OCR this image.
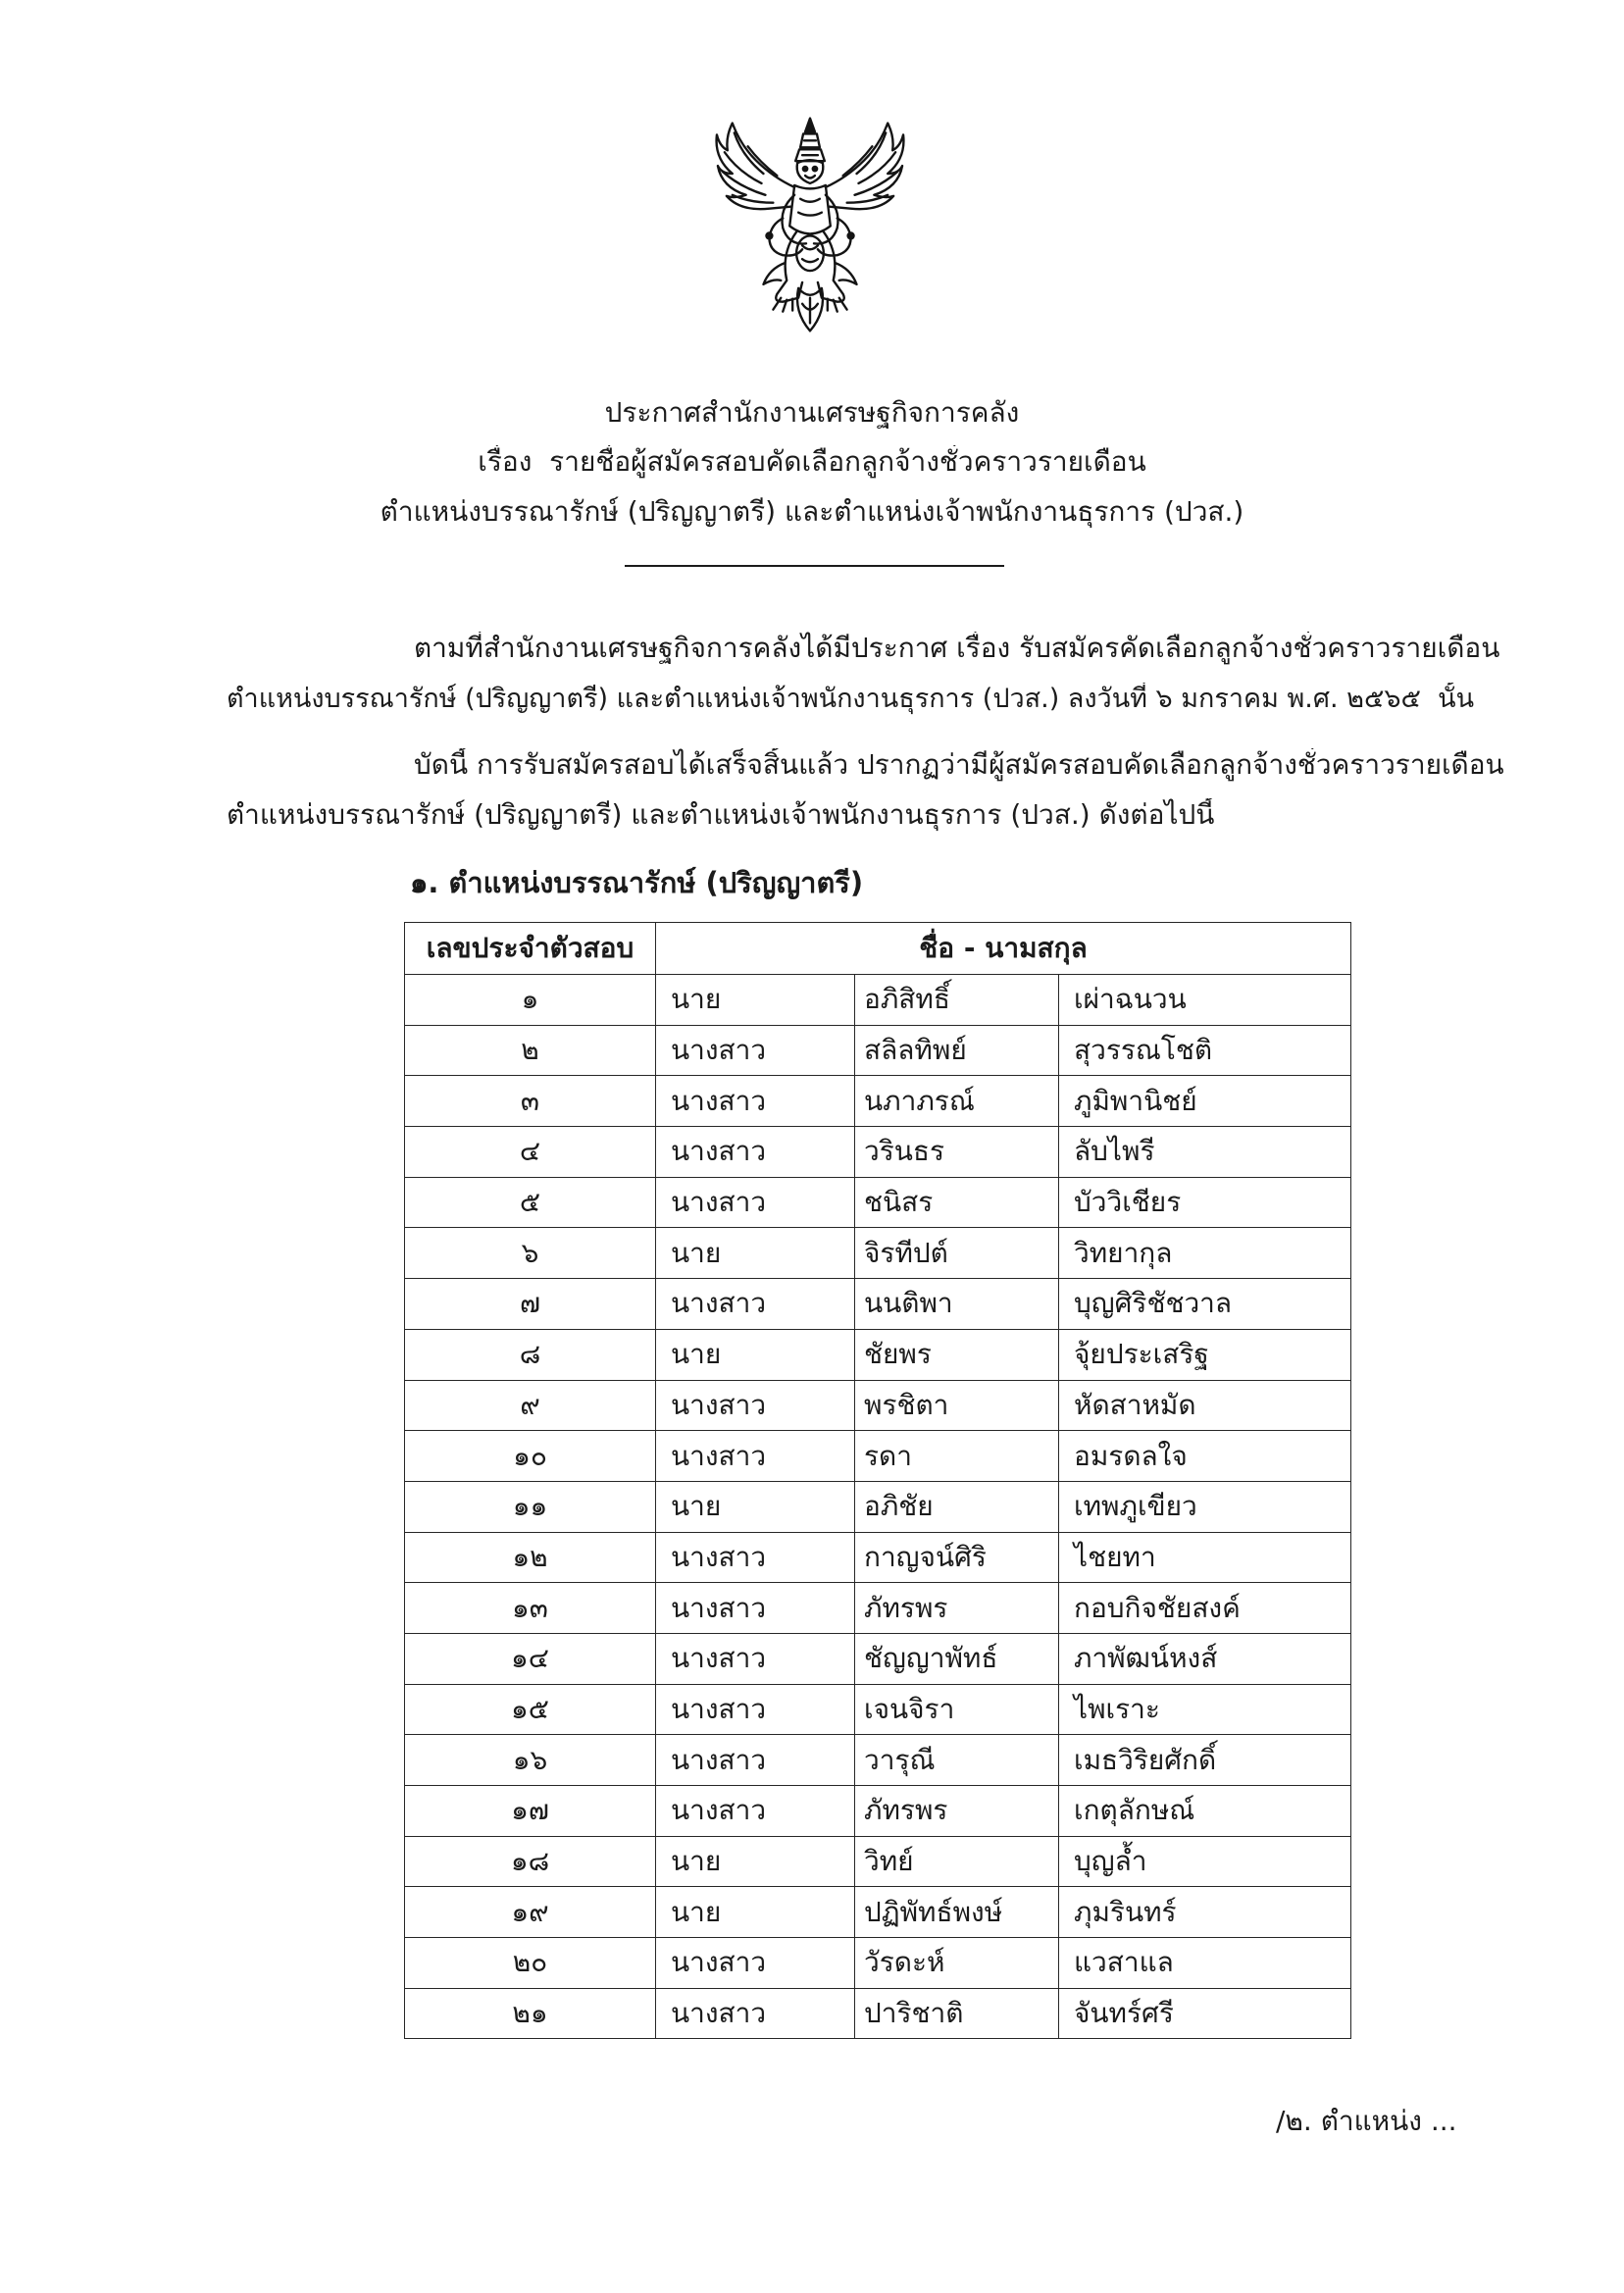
ประกาศสำนักงานเศรษฐกิจการคลัง
เรื่อง  รายชื่อผู้สมัครสอบคัดเลือกลูกจ้างชั่วคราวรายเดือน
ตำแหน่งบรรณารักษ์ (ปริญญาตรี) และตำแหน่งเจ้าพนักงานธุรการ (ปวส.)
ตามที่สำนักงานเศรษฐกิจการคลังได้มีประกาศ เรื่อง รับสมัครคัดเลือกลูกจ้างชั่วคราวรายเดือน
ตำแหน่งบรรณารักษ์ (ปริญญาตรี) และตำแหน่งเจ้าพนักงานธุรการ (ปวส.) ลงวันที่ ๖ มกราคม พ.ศ. ๒๕๖๕  นั้น
บัดนี้ การรับสมัครสอบได้เสร็จสิ้นแล้ว ปรากฏว่ามีผู้สมัครสอบคัดเลือกลูกจ้างชั่วคราวรายเดือน
ตำแหน่งบรรณารักษ์ (ปริญญาตรี) และตำแหน่งเจ้าพนักงานธุรการ (ปวส.) ดังต่อไปนี้
๑. ตำแหน่งบรรณารักษ์ (ปริญญาตรี)
เลขประจำตัวสอบ	ชื่อ - นามสกุล		
๑	นาย	อภิสิทธิ์	เผ่าฉนวน
๒	นางสาว	สลิลทิพย์	สุวรรณโชติ
๓	นางสาว	นภาภรณ์	ภูมิพานิชย์
๔	นางสาว	วรินธร	ลับไพรี
๕	นางสาว	ชนิสร	บัววิเชียร
๖	นาย	จิรทีปต์	วิทยากุล
๗	นางสาว	นนติพา	บุญศิริชัชวาล
๘	นาย	ชัยพร	จุ้ยประเสริฐ
๙	นางสาว	พรชิตา	หัดสาหมัด
๑๐	นางสาว	รดา	อมรดลใจ
๑๑	นาย	อภิชัย	เทพภูเขียว
๑๒	นางสาว	กาญจน์ศิริ	ไชยทา
๑๓	นางสาว	ภัทรพร	กอบกิจชัยสงค์
๑๔	นางสาว	ชัญญาพัทธ์	ภาพัฒน์หงส์
๑๕	นางสาว	เจนจิรา	ไพเราะ
๑๖	นางสาว	วารุณี	เมธวิริยศักดิ์
๑๗	นางสาว	ภัทรพร	เกตุลักษณ์
๑๘	นาย	วิทย์	บุญล้ำ
๑๙	นาย	ปฏิพัทธ์พงษ์	ภุมรินทร์
๒๐	นางสาว	วัรดะห์	แวสาแล
๒๑	นางสาว	ปาริชาติ	จันทร์ศรี
/๒. ตำแหน่ง ...
